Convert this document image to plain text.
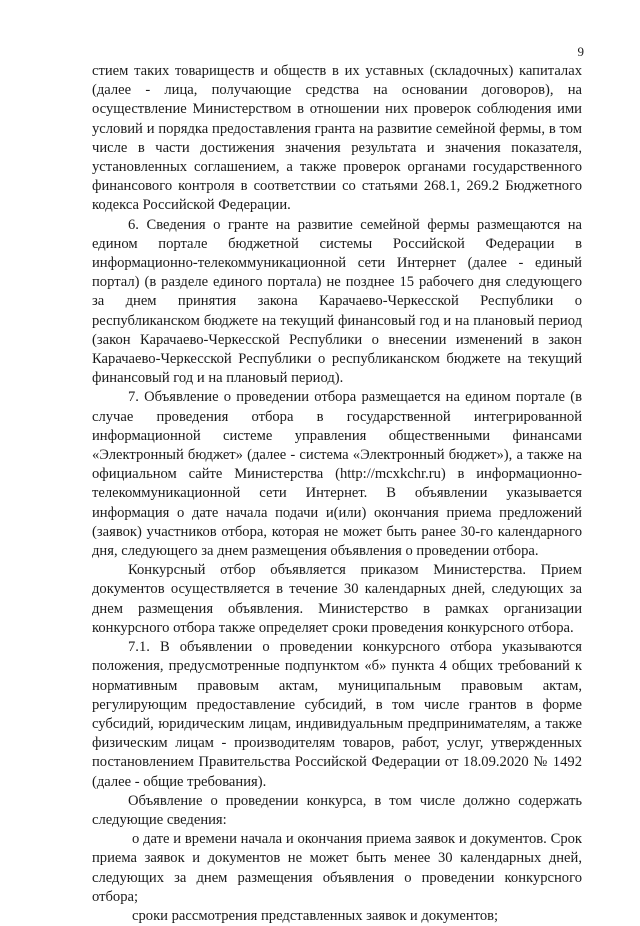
9

стием таких товариществ и обществ в их уставных (складочных) капиталах (далее - лица, получающие средства на основании договоров), на осуществление Министерством в отношении них проверок соблюдения ими условий и порядка предоставления гранта на развитие семейной фермы, в том числе в части достижения значения результата и значения показателя, установленных соглашением, а также проверок органами государственного финансового контроля в соответствии со статьями 268.1, 269.2 Бюджетного кодекса Российской Федерации.

6. Сведения о гранте на развитие семейной фермы размещаются на едином портале бюджетной системы Российской Федерации в информационно-телекоммуникационной сети Интернет (далее - единый портал) (в разделе единого портала) не позднее 15 рабочего дня следующего за днем принятия закона Карачаево-Черкесской Республики о республиканском бюджете на текущий финансовый год и на плановый период (закон Карачаево-Черкесской Республики о внесении изменений в закон Карачаево-Черкесской Республики о республиканском бюджете на текущий финансовый год и на плановый период).

7. Объявление о проведении отбора размещается на едином портале (в случае проведения отбора в государственной интегрированной информационной системе управления общественными финансами «Электронный бюджет» (далее - система «Электронный бюджет»), а также на официальном сайте Министерства (http://mcxkchr.ru) в информационно-телекоммуникационной сети Интернет. В объявлении указывается информация о дате начала подачи и(или) окончания приема предложений (заявок) участников отбора, которая не может быть ранее 30-го календарного дня, следующего за днем размещения объявления о проведении отбора.

Конкурсный отбор объявляется приказом Министерства. Прием документов осуществляется в течение 30 календарных дней, следующих за днем размещения объявления. Министерство в рамках организации конкурсного отбора также определяет сроки проведения конкурсного отбора.

7.1. В объявлении о проведении конкурсного отбора указываются положения, предусмотренные подпунктом «б» пункта 4 общих требований к нормативным правовым актам, муниципальным правовым актам, регулирующим предоставление субсидий, в том числе грантов в форме субсидий, юридическим лицам, индивидуальным предпринимателям, а также физическим лицам - производителям товаров, работ, услуг, утвержденных постановлением Правительства Российской Федерации от 18.09.2020 № 1492 (далее - общие требования).

Объявление о проведении конкурса, в том числе должно содержать следующие сведения:

о дате и времени начала и окончания приема заявок и документов. Срок приема заявок и документов не может быть менее 30 календарных дней, следующих за днем размещения объявления о проведении конкурсного отбора;

сроки рассмотрения представленных заявок и документов;
